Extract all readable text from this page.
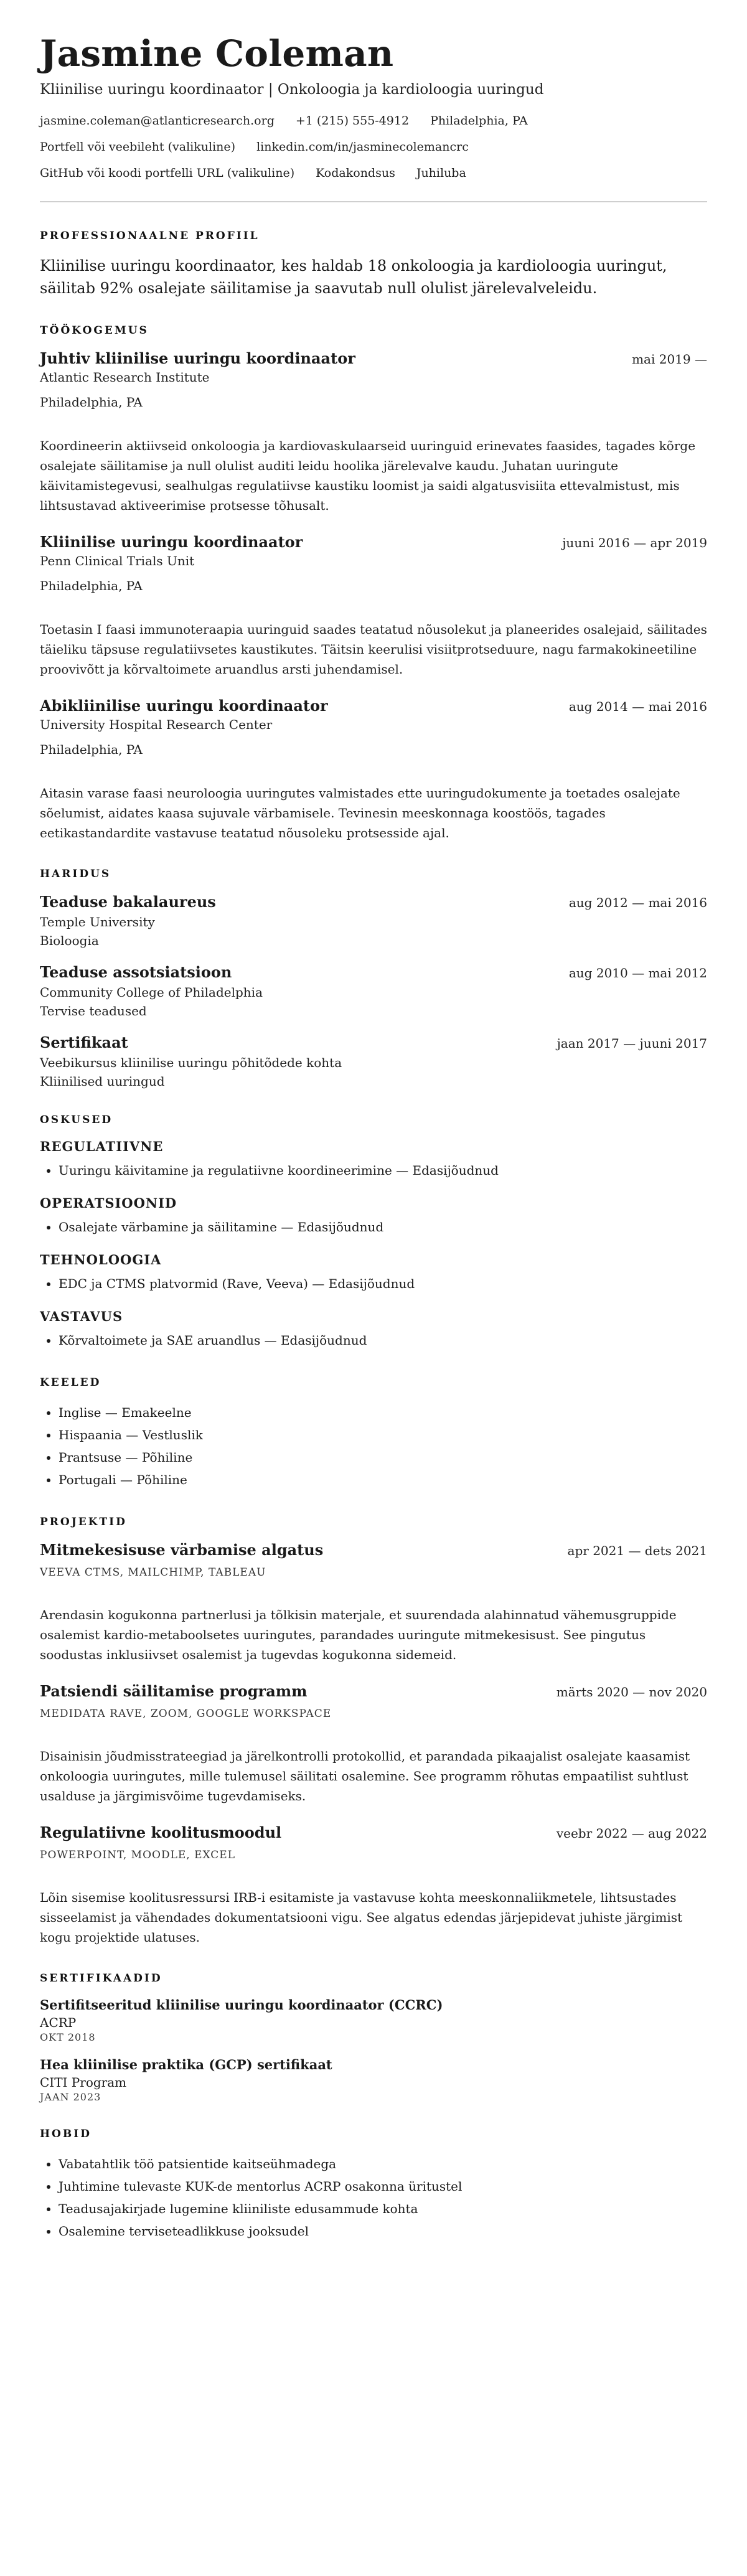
Jasmine Coleman
Kliinilise uuringu koordinaator | Onkoloogia ja kardioloogia uuringud
jasmine.coleman@atlanticresearch.org +1 (215) 555-4912 Philadelphia, PA
Portfell või veebileht (valikuline) linkedin.com/in/jasminecolemancrc
GitHub või koodi portfelli URL (valikuline) Kodakondsus Juhiluba
PROFESSIONAALNE PROFIIL

Kliinilise uuringu koordinaator, kes haldab 18 onkoloogia ja kardioloogia uuringut, säilitab 92% osalejate säilitamise ja saavutab null olulist järelevalveleidu.

TÖÖKOGEMUS
Juhtiv kliinilise uuringu koordinaator	mai 2019 —
Atlantic Research Institute
Philadelphia, PA

Koordineerin aktiivseid onkoloogia ja kardiovaskulaarseid uuringuid erinevates faasides, tagades kõrge osalejate säilitamise ja null olulist auditi leidu hoolika järelevalve kaudu. Juhatan uuringute käivitamistegevusi, sealhulgas regulatiivse kaustiku loomist ja saidi algatusvisiita ettevalmistust, mis lihtsustavad aktiveerimise protsesse tõhusalt.

Kliinilise uuringu koordinaator	juuni 2016 — apr 2019
Penn Clinical Trials Unit
Philadelphia, PA

Toetasin I faasi immunoteraapia uuringuid saades teatatud nõusolekut ja planeerides osalejaid, säilitades täieliku täpsuse regulatiivsetes kaustikutes. Täitsin keerulisi visiitprotseduure, nagu farmakokineetiline proovivõtt ja kõrvaltoimete aruandlus arsti juhendamisel.

Abikliinilise uuringu koordinaator	aug 2014 — mai 2016
University Hospital Research Center
Philadelphia, PA

Aitasin varase faasi neuroloogia uuringutes valmistades ette uuringudokumente ja toetades osalejate sõelumist, aidates kaasa sujuvale värbamisele. Tevinesin meeskonnaga koostöös, tagades eetikastandardite vastavuse teatatud nõusoleku protsesside ajal.

HARIDUS
Teaduse bakalaureus	aug 2012 — mai 2016
Temple University
Bioloogia
Teaduse assotsiatsioon	aug 2010 — mai 2012
Community College of Philadelphia
Tervise teadused
Sertifikaat	jaan 2017 — juuni 2017
Veebikursus kliinilise uuringu põhitõdede kohta
Kliinilised uuringud
OSKUSED
REGULATIIVNE
• Uuringu käivitamine ja regulatiivne koordineerimine — Edasijõudnud
OPERATSIOONID
• Osalejate värbamine ja säilitamine — Edasijõudnud
TEHNOLOOGIA
• EDC ja CTMS platvormid (Rave, Veeva) — Edasijõudnud
VASTAVUS
• Kõrvaltoimete ja SAE aruandlus — Edasijõudnud
KEELED
• Inglise — Emakeelne
• Hispaania — Vestluslik
• Prantsuse — Põhiline
• Portugali — Põhiline
PROJEKTID
Mitmekesisuse värbamise algatus	apr 2021 — dets 2021
VEEVA CTMS, MAILCHIMP, TABLEAU

Arendasin kogukonna partnerlusi ja tõlkisin materjale, et suurendada alahinnatud vähemusgruppide osalemist kardio-metaboolsetes uuringutes, parandades uuringute mitmekesisust. See pingutus soodustas inklusiivset osalemist ja tugevdas kogukonna sidemeid.

Patsiendi säilitamise programm	märts 2020 — nov 2020
MEDIDATA RAVE, ZOOM, GOOGLE WORKSPACE

Disainisin jõudmisstrateegiad ja järelkontrolli protokollid, et parandada pikaajalist osalejate kaasamist onkoloogia uuringutes, mille tulemusel säilitati osalemine. See programm rõhutas empaatilist suhtlust usalduse ja järgimisvõime tugevdamiseks.

Regulatiivne koolitusmoodul	veebr 2022 — aug 2022
POWERPOINT, MOODLE, EXCEL

Lõin sisemise koolitusressursi IRB-i esitamiste ja vastavuse kohta meeskonnaliikmetele, lihtsustades sisseelamist ja vähendades dokumentatsiooni vigu. See algatus edendas järjepidevat juhiste järgimist kogu projektide ulatuses.

SERTIFIKAADID
Sertifitseeritud kliinilise uuringu koordinaator (CCRC)
ACRP
OKT 2018
Hea kliinilise praktika (GCP) sertifikaat
CITI Program
JAAN 2023
HOBID
• Vabatahtlik töö patsientide kaitseühmadega
• Juhtimine tulevaste KUK-de mentorlus ACRP osakonna üritustel
• Teadusajakirjade lugemine kliiniliste edusammude kohta
• Osalemine terviseteadlikkuse jooksudel
